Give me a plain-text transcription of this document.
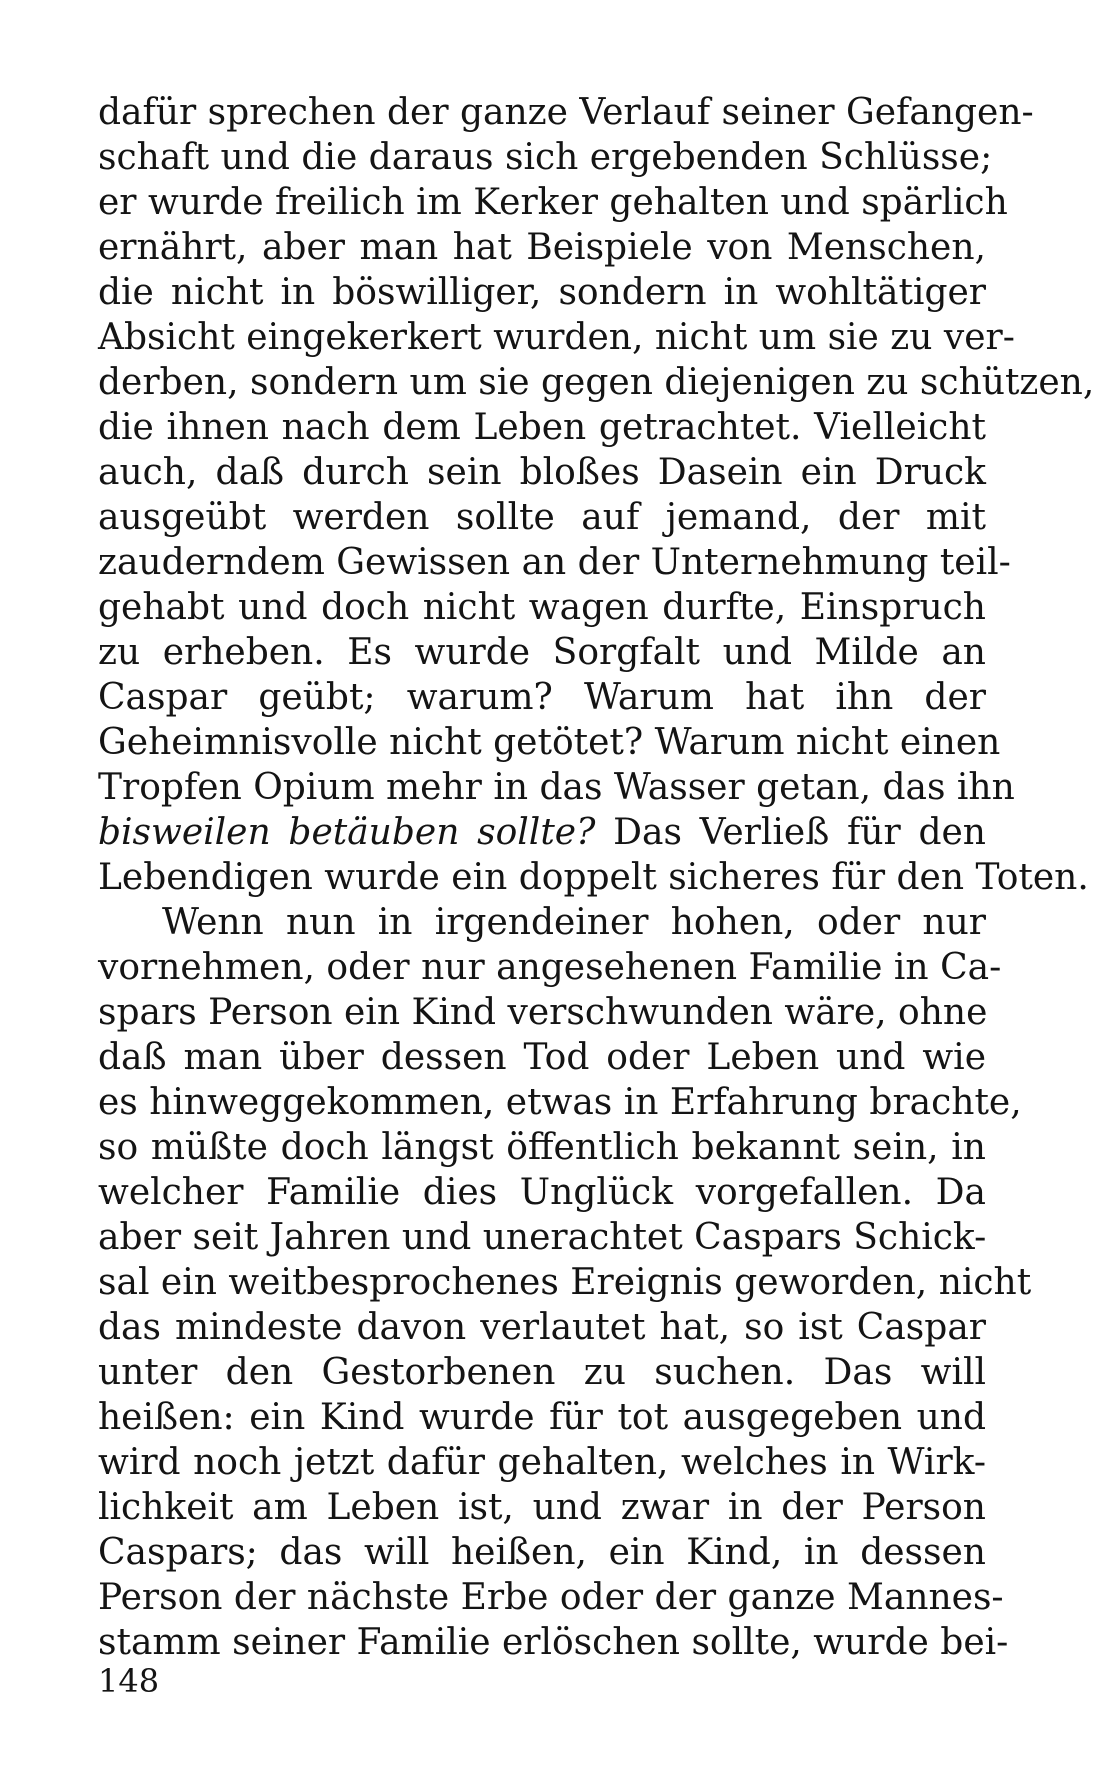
dafür sprechen der ganze Verlauf seiner Gefangen-
schaft und die daraus sich ergebenden Schlüsse;
er wurde freilich im Kerker gehalten und spärlich
ernährt, aber man hat Beispiele von Menschen,
die nicht in böswilliger, sondern in wohltätiger
Absicht eingekerkert wurden, nicht um sie zu ver-
derben, sondern um sie gegen diejenigen zu schützen,
die ihnen nach dem Leben getrachtet. Vielleicht
auch, daß durch sein bloßes Dasein ein Druck
ausgeübt werden sollte auf jemand, der mit
zauderndem Gewissen an der Unternehmung teil-
gehabt und doch nicht wagen durfte, Einspruch
zu erheben. Es wurde Sorgfalt und Milde an
Caspar geübt; warum? Warum hat ihn der
Geheimnisvolle nicht getötet? Warum nicht einen
Tropfen Opium mehr in das Wasser getan, das ihn
bisweilen betäuben sollte? Das Verließ für den
Lebendigen wurde ein doppelt sicheres für den Toten.
Wenn nun in irgendeiner hohen, oder nur
vornehmen, oder nur angesehenen Familie in Ca-
spars Person ein Kind verschwunden wäre, ohne
daß man über dessen Tod oder Leben und wie
es hinweggekommen, etwas in Erfahrung brachte,
so müßte doch längst öffentlich bekannt sein, in
welcher Familie dies Unglück vorgefallen. Da
aber seit Jahren und unerachtet Caspars Schick-
sal ein weitbesprochenes Ereignis geworden, nicht
das mindeste davon verlautet hat, so ist Caspar
unter den Gestorbenen zu suchen. Das will
heißen: ein Kind wurde für tot ausgegeben und
wird noch jetzt dafür gehalten, welches in Wirk-
lichkeit am Leben ist, und zwar in der Person
Caspars; das will heißen, ein Kind, in dessen
Person der nächste Erbe oder der ganze Mannes-
stamm seiner Familie erlöschen sollte, wurde bei-
148
